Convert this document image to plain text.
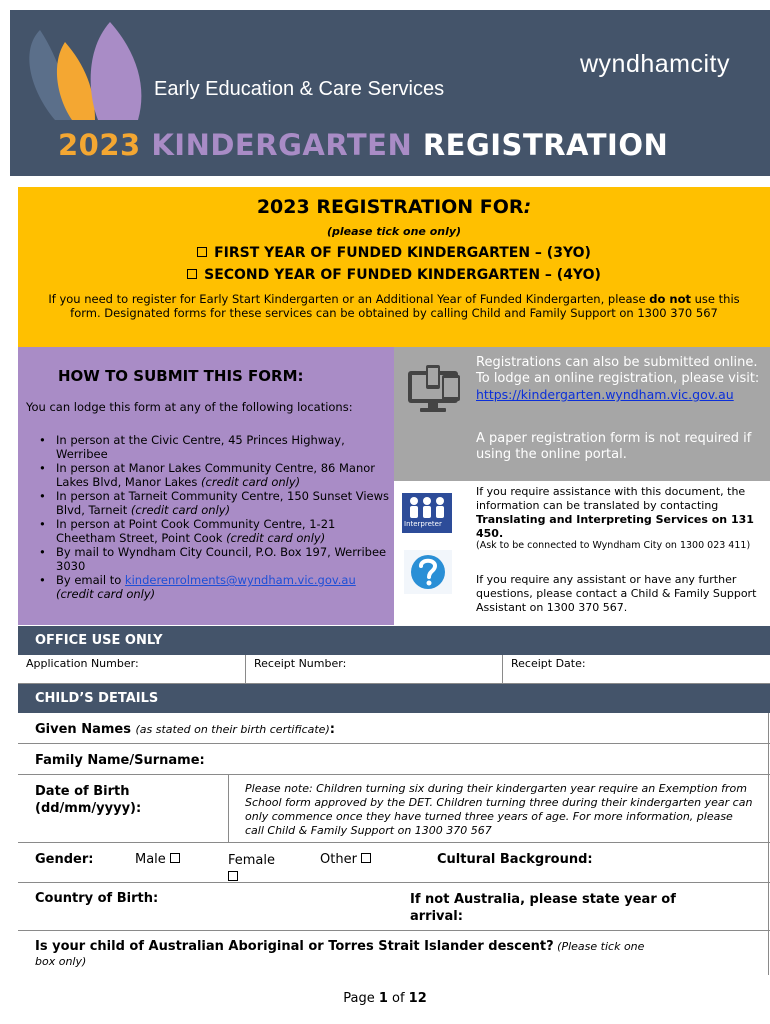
Early Education & Care Services
wyndhamcity
2023 KINDERGARTEN REGISTRATION
2023 REGISTRATION FOR:
(please tick one only)
FIRST YEAR OF FUNDED KINDERGARTEN – (3YO)
SECOND YEAR OF FUNDED KINDERGARTEN – (4YO)
If you need to register for Early Start Kindergarten or an Additional Year of Funded Kindergarten, please do not use this form. Designated forms for these services can be obtained by calling Child and Family Support on 1300 370 567
HOW TO SUBMIT THIS FORM:
You can lodge this form at any of the following locations:
• In person at the Civic Centre, 45 Princes Highway, Werribee
• In person at Manor Lakes Community Centre, 86 Manor Lakes Blvd, Manor Lakes (credit card only)
• In person at Tarneit Community Centre, 150 Sunset Views Blvd, Tarneit (credit card only)
• In person at Point Cook Community Centre, 1-21 Cheetham Street, Point Cook (credit card only)
• By mail to Wyndham City Council, P.O. Box 197, Werribee 3030
• By email to kinderenrolments@wyndham.vic.gov.au (credit card only)
Registrations can also be submitted online. To lodge an online registration, please visit: https://kindergarten.wyndham.vic.gov.au
A paper registration form is not required if using the online portal.
Interpreter
If you require assistance with this document, the information can be translated by contacting Translating and Interpreting Services on 131 450.
(Ask to be connected to Wyndham City on 1300 023 411)
If you require any assistant or have any further questions, please contact a Child & Family Support Assistant on 1300 370 567.
OFFICE USE ONLY
Application Number:	Receipt Number:	Receipt Date:
CHILD’S DETAILS
Given Names (as stated on their birth certificate):
Family Name/Surname:
Date of Birth
(dd/mm/yyyy):
Please note: Children turning six during their kindergarten year require an Exemption from School form approved by the DET. Children turning three during their kindergarten year can only commence once they have turned three years of age. For more information, please call Child & Family Support on 1300 370 567
Gender:	Male	Female	Other	Cultural Background:
Country of Birth:	If not Australia, please state year of
arrival:
Is your child of Australian Aboriginal or Torres Strait Islander descent? (Please tick one
box only)
Page 1 of 12
